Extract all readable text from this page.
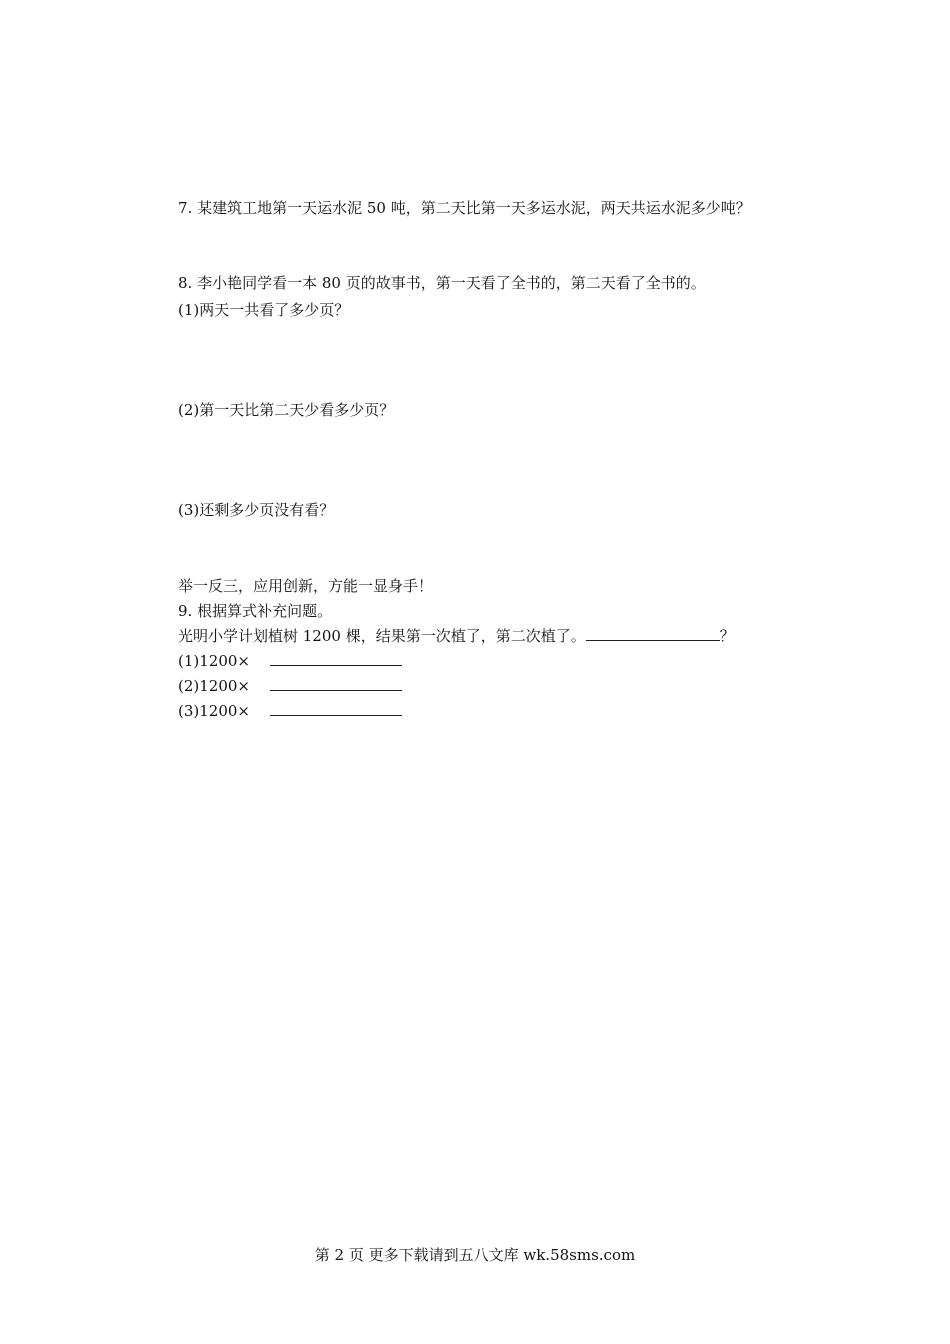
7. 某建筑工地第一天运水泥 50 吨，第二天比第一天多运水泥，两天共运水泥多少吨？
8. 李小艳同学看一本 80 页的故事书，第一天看了全书的，第二天看了全书的。
(1)两天一共看了多少页？
(2)第一天比第二天少看多少页？
(3)还剩多少页没有看？
举一反三，应用创新，方能一显身手！
9. 根据算式补充问题。
光明小学计划植树 1200 棵，结果第一次植了，第二次植了。	？
(1)1200×
(2)1200×
(3)1200×
第 2 页 更多下载请到五八文库 wk.58sms.com
